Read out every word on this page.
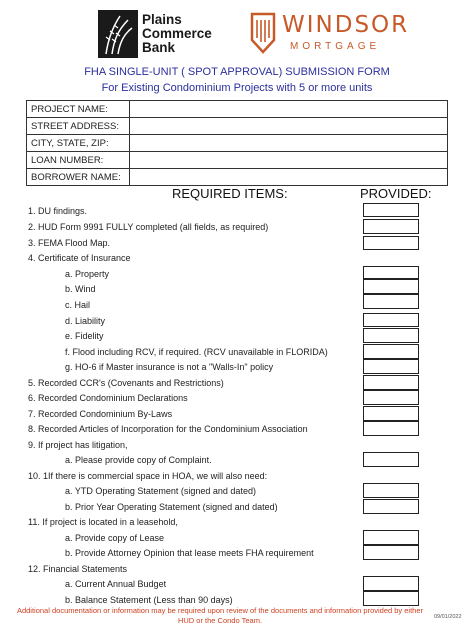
Plains
Commerce
Bank
WINDSOR
MORTGAGE
FHA SINGLE-UNIT ( SPOT APPROVAL) SUBMISSION FORM
For Existing Condominium Projects with 5 or more units
PROJECT NAME:	
STREET ADDRESS:	
CITY, STATE, ZIP:	
LOAN NUMBER:	
BORROWER NAME:	
REQUIRED ITEMS:	PROVIDED:
1. DU findings.
2. HUD Form 9991 FULLY completed (all fields, as required)
3. FEMA Flood Map.
4. Certificate of Insurance
a. Property
b. Wind
c. Hail
d. Liability
e. Fidelity
f. Flood including RCV, if required. (RCV unavailable in FLORIDA)
g. HO-6 if Master insurance is not a "Walls-In" policy
5. Recorded CCR's (Covenants and Restrictions)
6. Recorded Condominium Declarations
7. Recorded Condominium By-Laws
8. Recorded Articles of Incorporation for the Condominium Association
9. If project has litigation,
a. Please provide copy of Complaint.
10. 1If there is commercial space in HOA, we will also need:
a. YTD Operating Statement (signed and dated)
b. Prior Year Operating Statement (signed and dated)
11. If project is located in a leasehold,
a. Provide copy of Lease
b. Provide Attorney Opinion that lease meets FHA requirement
12. Financial Statements
a. Current Annual Budget
b. Balance Statement (Less than 90 days)
Additional documentation or information may be required upon review of the documents and information provided by either HUD or the Condo Team.	09/01/2022
